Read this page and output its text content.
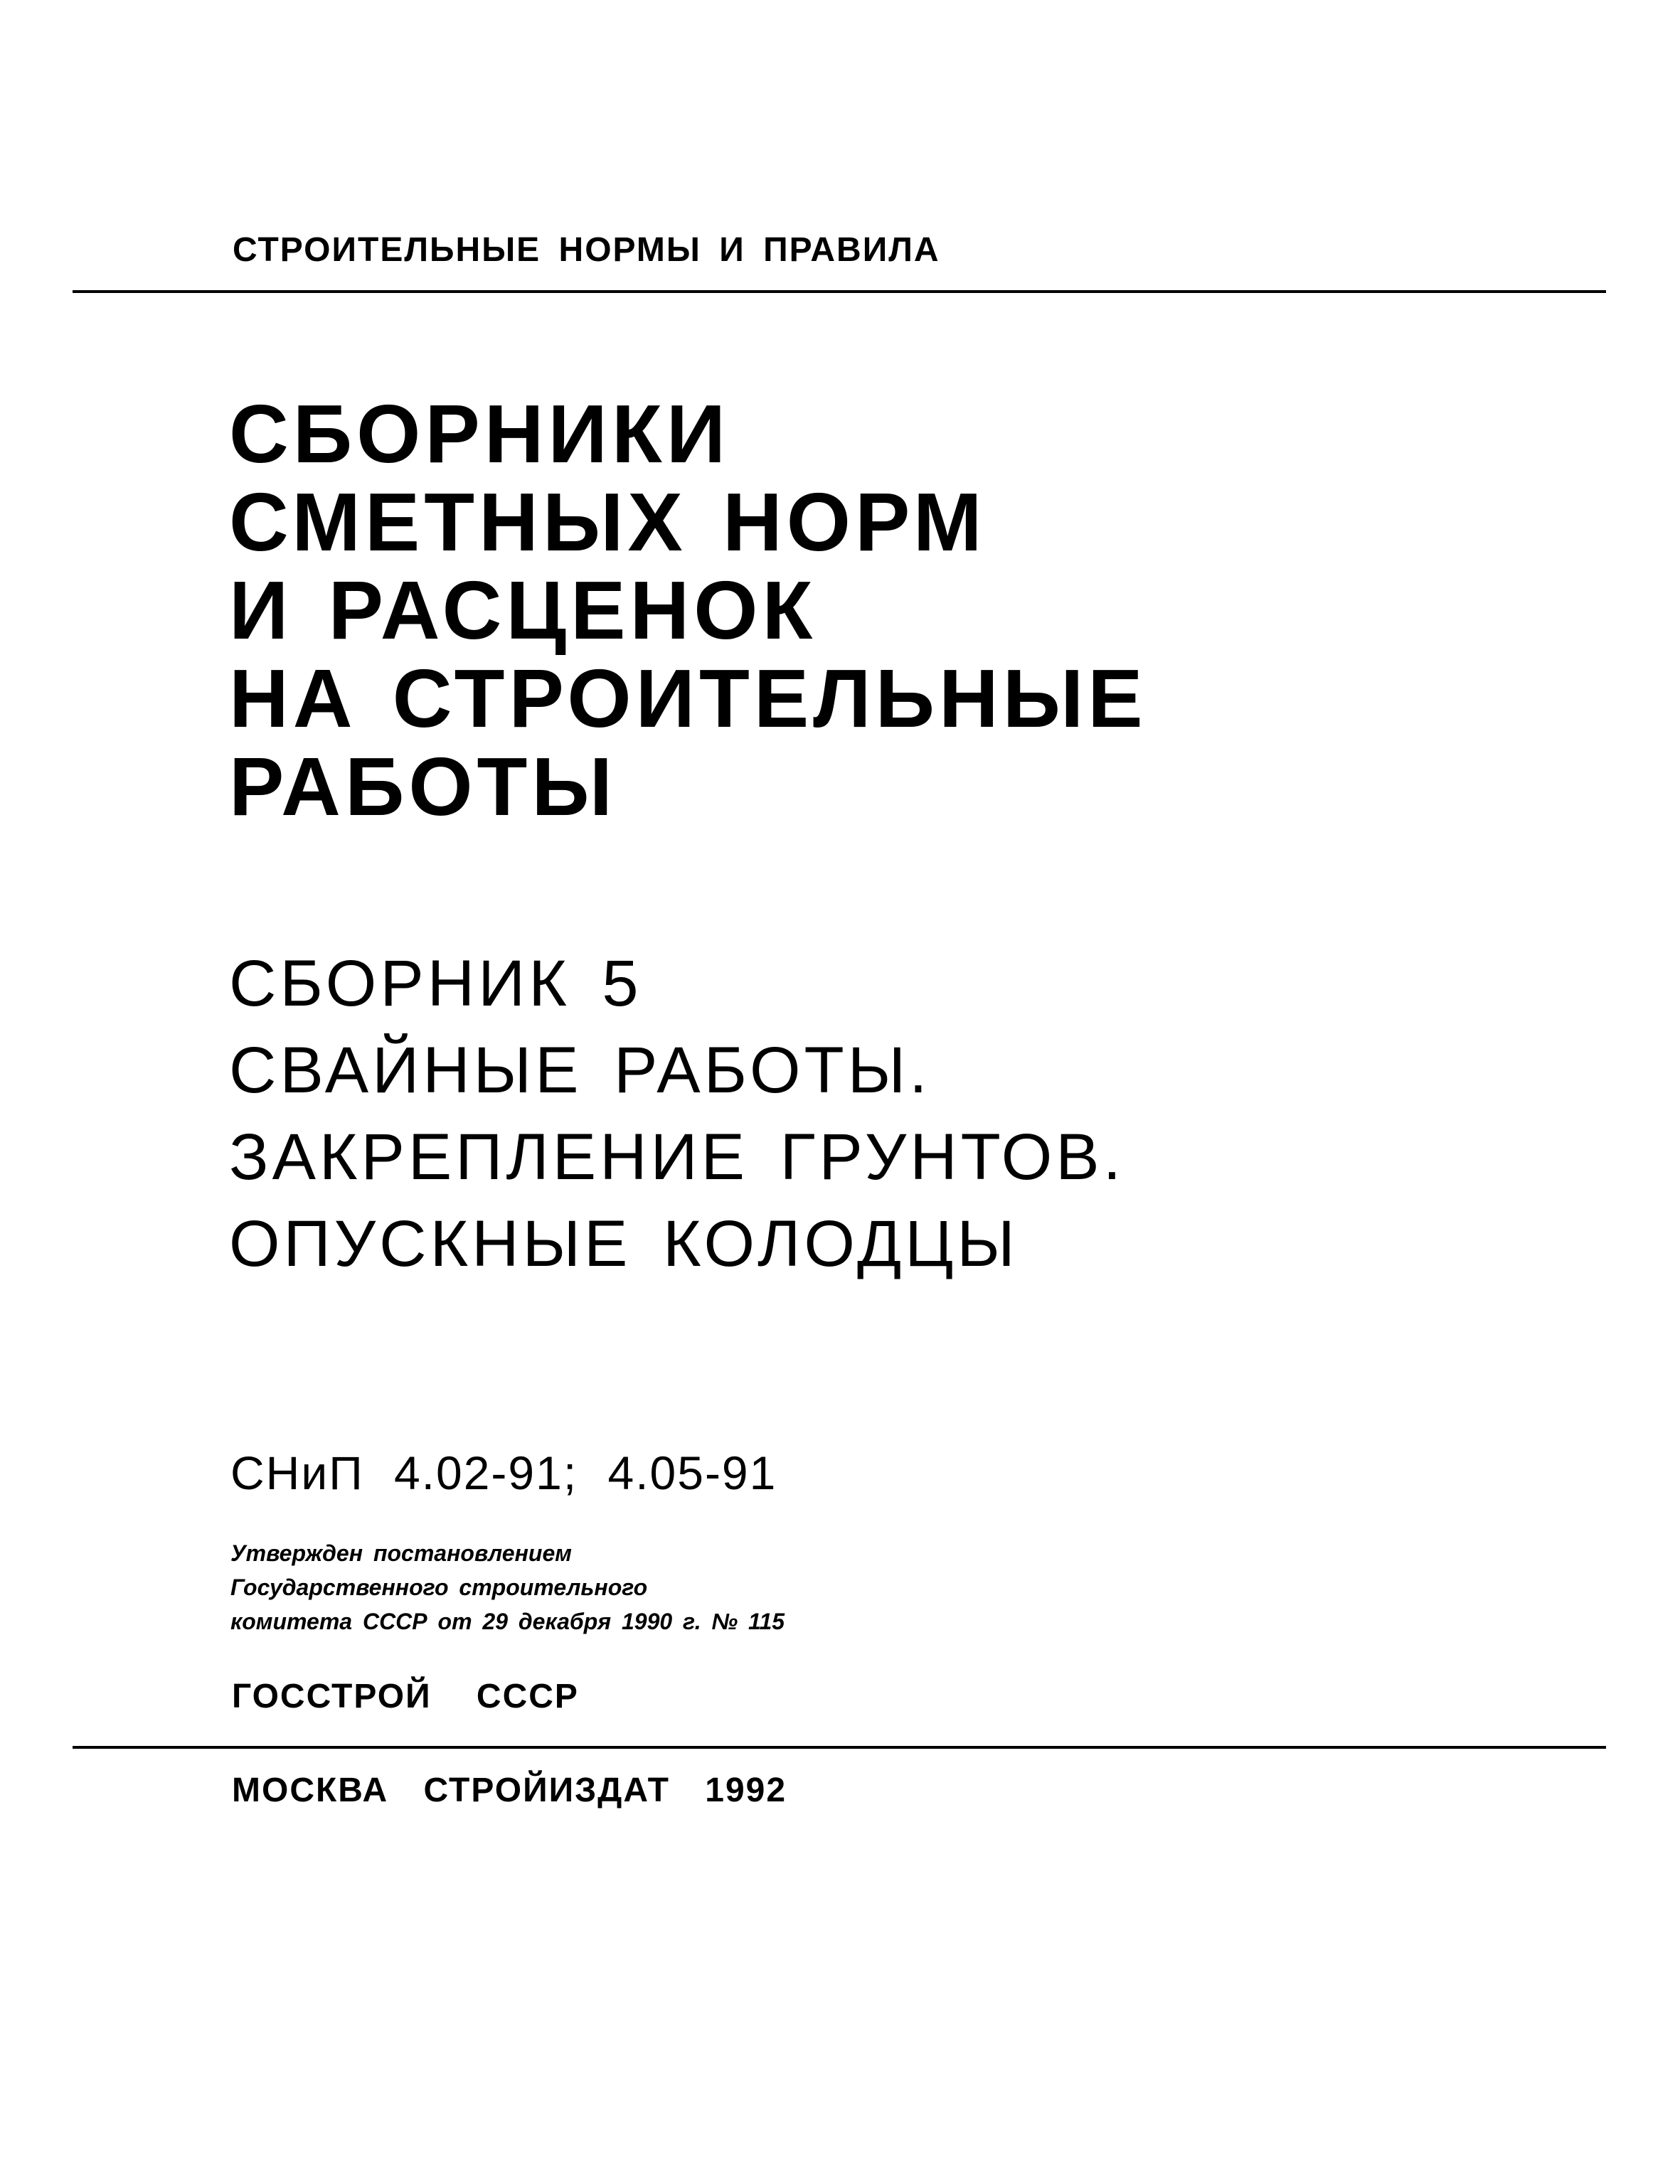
СТРОИТЕЛЬНЫЕ НОРМЫ И ПРАВИЛА
СБОРНИКИ
СМЕТНЫХ НОРМ
И РАСЦЕНОК
НА СТРОИТЕЛЬНЫЕ
РАБОТЫ
СБОРНИК 5
СВАЙНЫЕ РАБОТЫ.
ЗАКРЕПЛЕНИЕ ГРУНТОВ.
ОПУСКНЫЕ КОЛОДЦЫ
СНиП 4.02-91; 4.05-91
Утвержден постановлением
Государственного строительного
комитета СССР от 29 декабря 1990 г. № 115
ГОССТРОЙ СССР
МОСКВА СТРОЙИЗДАТ 1992
